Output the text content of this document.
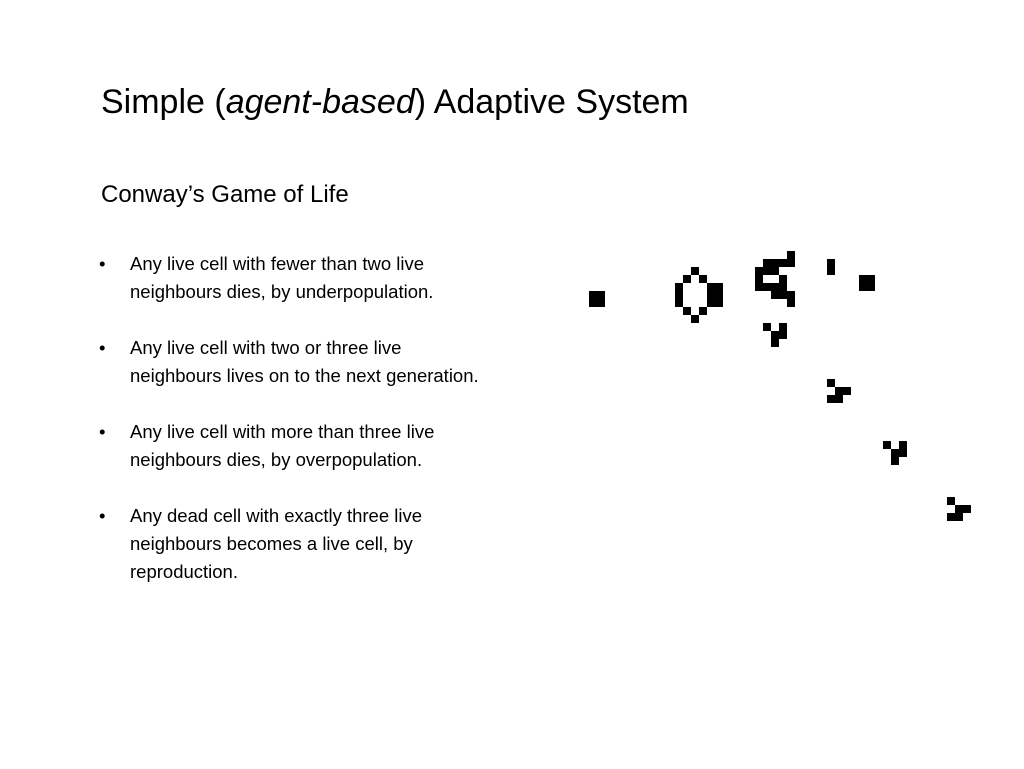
Simple (agent-based) Adaptive System
Conway’s Game of Life
• Any live cell with fewer than two live
neighbours dies, by underpopulation.
• Any live cell with two or three live
neighbours lives on to the next generation.
• Any live cell with more than three live
neighbours dies, by overpopulation.
• Any dead cell with exactly three live
neighbours becomes a live cell, by
reproduction.
